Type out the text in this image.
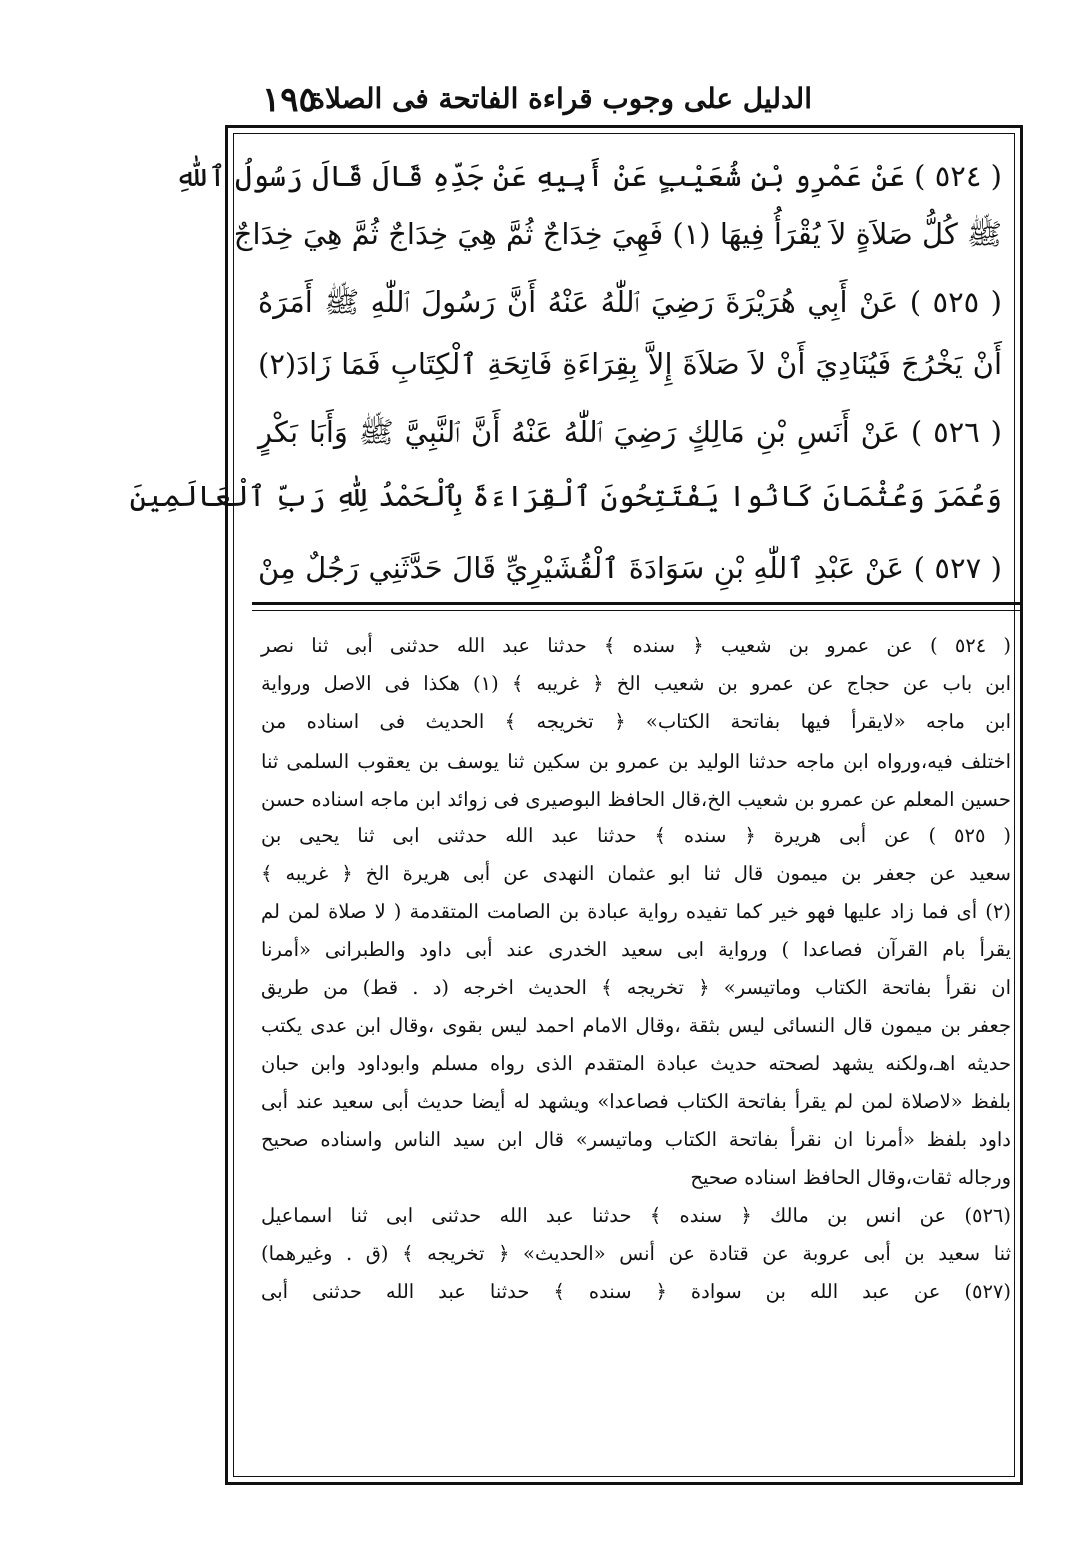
الدليل على وجوب قراءة الفاتحة فى الصلاة
١٩٥
( ٥٢٤ ) عَنْ عَمْرِو بْنِ شُعَيْبٍ عَنْ أَبِيهِ عَنْ جَدِّهِ قَالَ قَالَ رَسُولُ ٱللّٰهِ
ﷺ كُلُّ صَلاَةٍ لاَ يُقْرَأُ فِيهَا (١) فَهِيَ خِدَاجٌ ثُمَّ هِيَ خِدَاجٌ ثُمَّ هِيَ خِدَاجٌ
( ٥٢٥ ) عَنْ أَبِي هُرَيْرَةَ رَضِيَ ٱللّٰهُ عَنْهُ أَنَّ رَسُولَ ٱللّٰهِ ﷺ أَمَرَهُ
أَنْ يَخْرُجَ فَيُنَادِيَ أَنْ لاَ صَلاَةَ إِلاَّ بِقِرَاءَةِ فَاتِحَةِ ٱلْكِتَابِ فَمَا زَادَ(٢)
( ٥٢٦ ) عَنْ أَنَسِ بْنِ مَالِكٍ رَضِيَ ٱللّٰهُ عَنْهُ أَنَّ ٱلنَّبِيَّ ﷺ وَأَبَا بَكْرٍ
وَعُمَرَ وَعُثْمَانَ كَانُوا يَفْتَتِحُونَ ٱلْقِرَاءَةَ بِٱلْحَمْدُ لِلّٰهِ رَبِّ ٱلْعَالَمِينَ
( ٥٢٧ ) عَنْ عَبْدِ ٱللّٰهِ بْنِ سَوَادَةَ ٱلْقُشَيْرِيِّ قَالَ حَدَّثَنِي رَجُلٌ مِنْ
( ٥٢٤ ) عن عمرو بن شعيب ﴿ سنده ﴾ حدثنا عبد الله حدثنى أبى ثنا نصر
ابن باب عن حجاج عن عمرو بن شعيب الخ ﴿ غريبه ﴾ (١) هكذا فى الاصل ورواية
ابن ماجه «لايقرأ فيها بفاتحة الكتاب» ﴿ تخريجه ﴾ الحديث فى اسناده من
اختلف فيه،ورواه ابن ماجه حدثنا الوليد بن عمرو بن سكين ثنا يوسف بن يعقوب السلمى ثنا
حسين المعلم عن عمرو بن شعيب الخ،قال الحافظ البوصيرى فى زوائد ابن ماجه اسناده حسن
( ٥٢٥ ) عن أبى هريرة ﴿ سنده ﴾ حدثنا عبد الله حدثنى ابى ثنا يحيى بن
سعيد عن جعفر بن ميمون قال ثنا ابو عثمان النهدى عن أبى هريرة الخ ﴿ غريبه ﴾
(٢) أى فما زاد عليها فهو خير كما تفيده رواية عبادة بن الصامت المتقدمة ( لا صلاة لمن لم
يقرأ بام القرآن فصاعدا ) ورواية ابى سعيد الخدرى عند أبى داود والطبرانى «أمرنا
ان نقرأ بفاتحة الكتاب وماتيسر» ﴿ تخريجه ﴾ الحديث اخرجه (د . قط) من طريق
جعفر بن ميمون قال النسائى ليس بثقة ،وقال الامام احمد ليس بقوى ،وقال ابن عدى يكتب
حديثه اهـ،ولكنه يشهد لصحته حديث عبادة المتقدم الذى رواه مسلم وابوداود وابن حبان
بلفظ «لاصلاة لمن لم يقرأ بفاتحة الكتاب فصاعدا» ويشهد له أيضا حديث أبى سعيد عند أبى
داود بلفظ «أمرنا ان نقرأ بفاتحة الكتاب وماتيسر» قال ابن سيد الناس واسناده صحيح
ورجاله ثقات،وقال الحافظ اسناده صحيح
(٥٢٦) عن انس بن مالك ﴿ سنده ﴾ حدثنا عبد الله حدثنى ابى ثنا اسماعيل
ثنا سعيد بن أبى عروبة عن قتادة عن أنس «الحديث» ﴿ تخريجه ﴾ (ق . وغيرهما)
(٥٢٧) عن عبد الله بن سوادة ﴿ سنده ﴾ حدثنا عبد الله حدثنى أبى
